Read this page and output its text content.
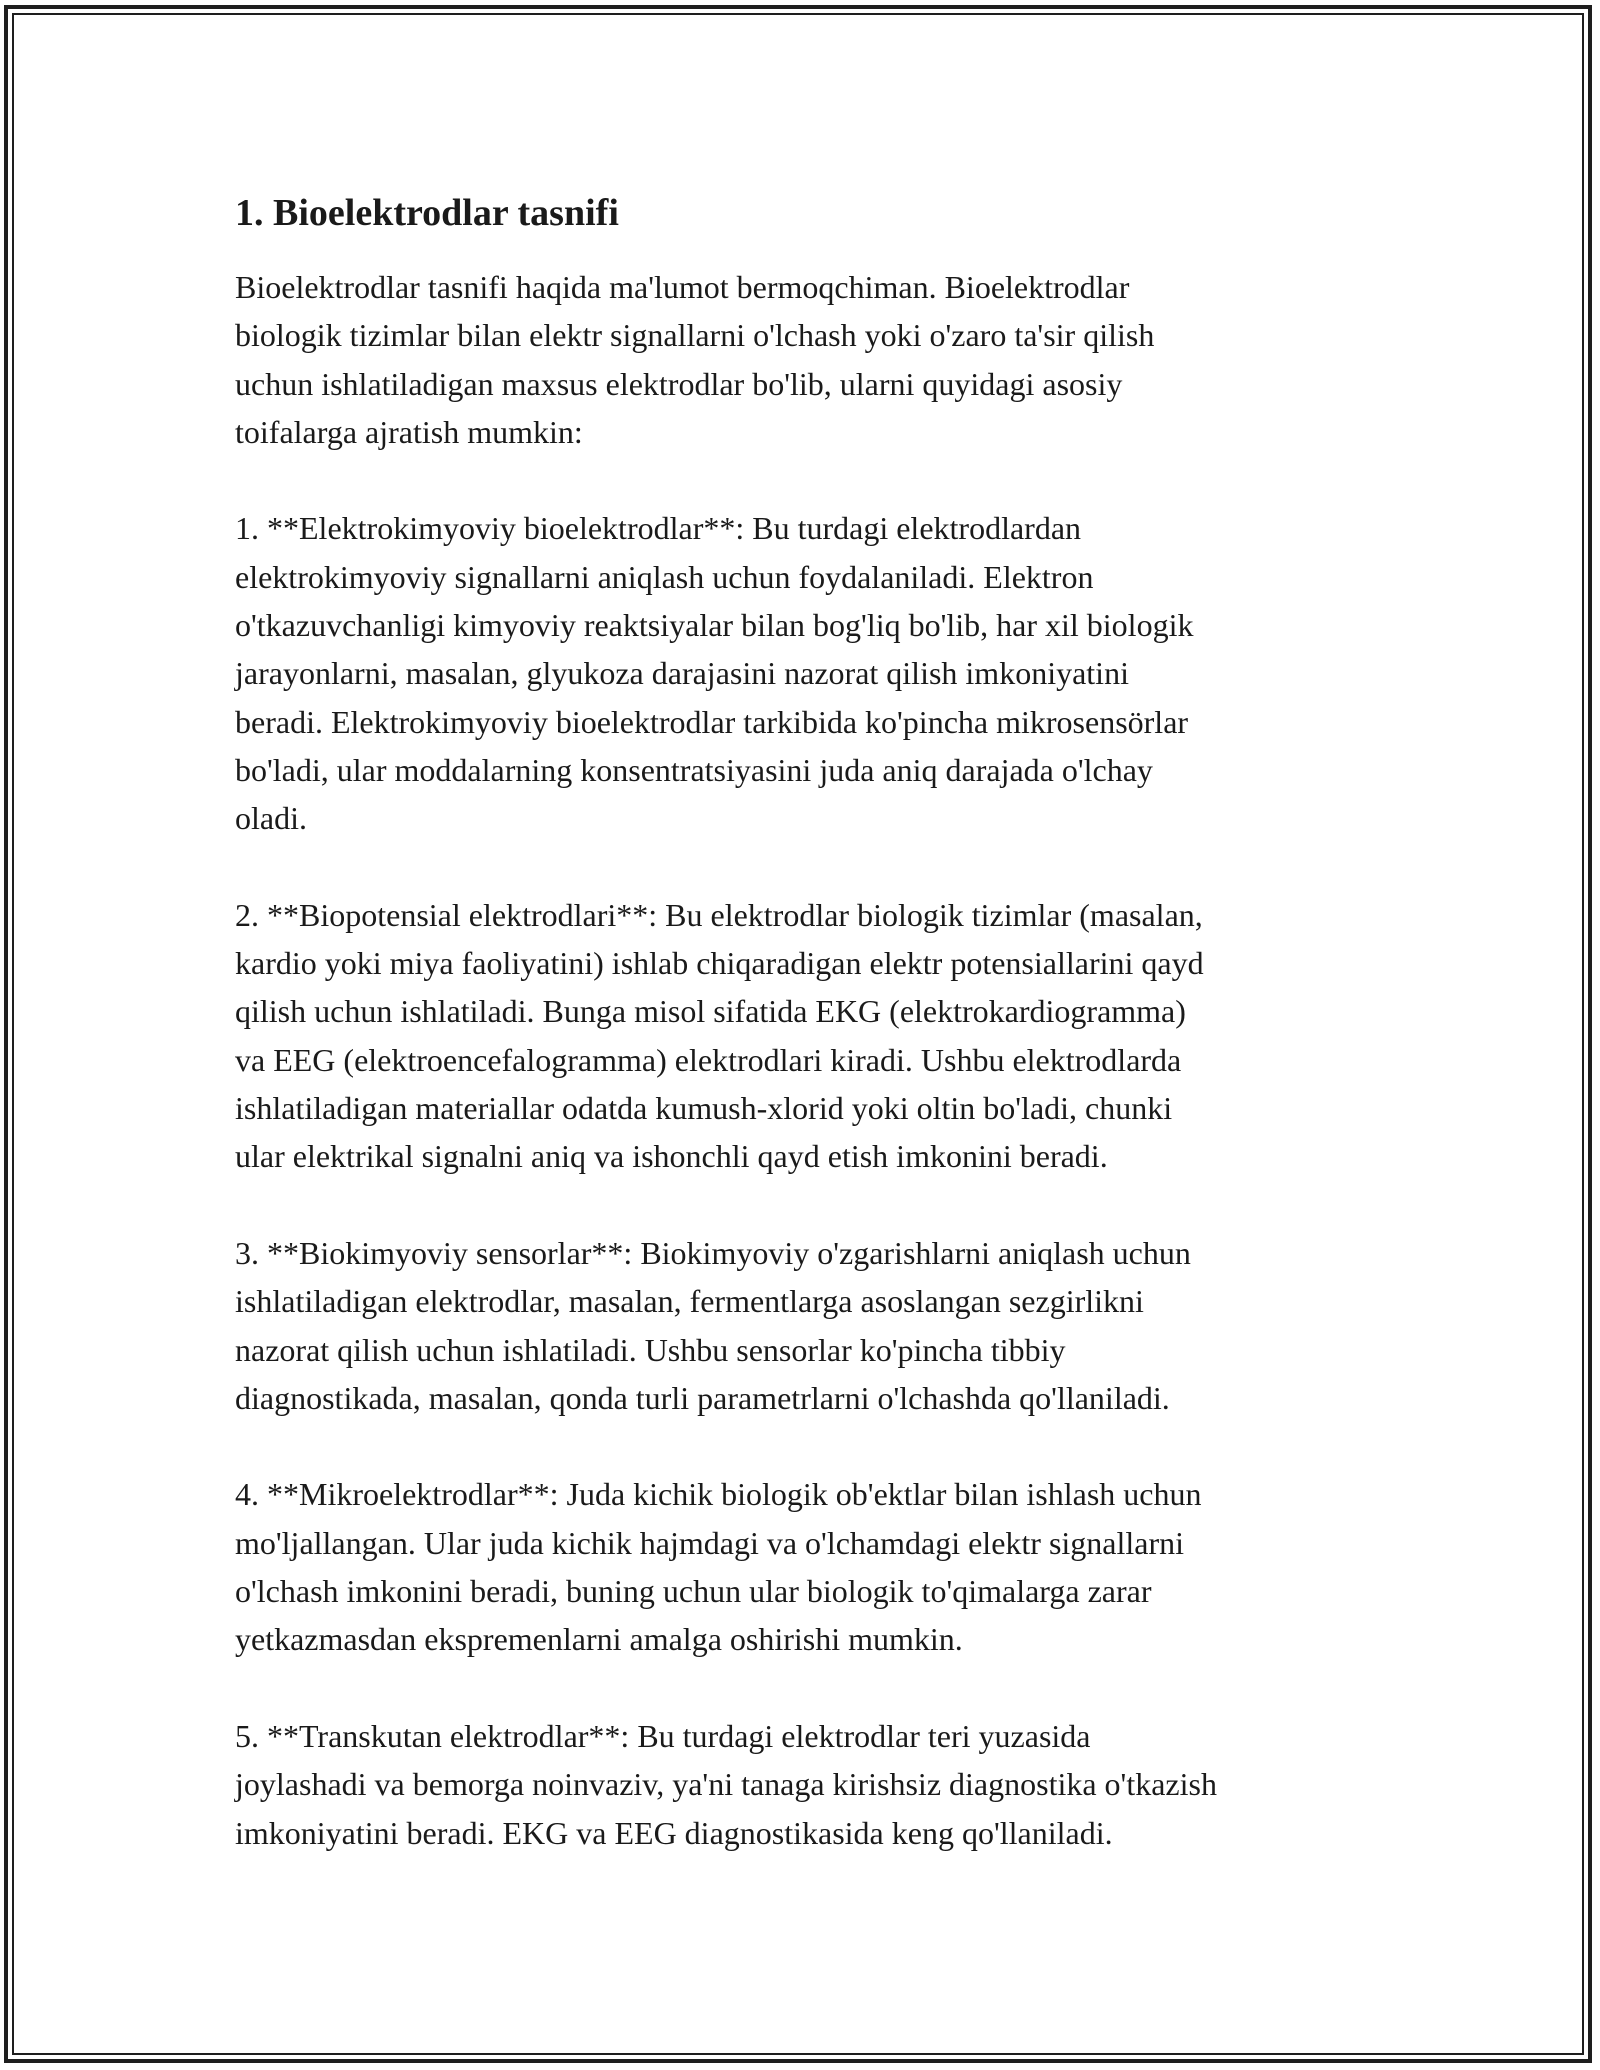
1. Bioelektrodlar tasnifi

Bioelektrodlar tasnifi haqida ma'lumot bermoqchiman. Bioelektrodlar
biologik tizimlar bilan elektr signallarni o'lchash yoki o'zaro ta'sir qilish
uchun ishlatiladigan maxsus elektrodlar bo'lib, ularni quyidagi asosiy
toifalarga ajratish mumkin:

1. **Elektrokimyoviy bioelektrodlar**: Bu turdagi elektrodlardan
elektrokimyoviy signallarni aniqlash uchun foydalaniladi. Elektron
o'tkazuvchanligi kimyoviy reaktsiyalar bilan bog'liq bo'lib, har xil biologik
jarayonlarni, masalan, glyukoza darajasini nazorat qilish imkoniyatini
beradi. Elektrokimyoviy bioelektrodlar tarkibida ko'pincha mikrosensörlar
bo'ladi, ular moddalarning konsentratsiyasini juda aniq darajada o'lchay
oladi.

2. **Biopotensial elektrodlari**: Bu elektrodlar biologik tizimlar (masalan,
kardio yoki miya faoliyatini) ishlab chiqaradigan elektr potensiallarini qayd
qilish uchun ishlatiladi. Bunga misol sifatida EKG (elektrokardiogramma)
va EEG (elektroencefalogramma) elektrodlari kiradi. Ushbu elektrodlarda
ishlatiladigan materiallar odatda kumush-xlorid yoki oltin bo'ladi, chunki
ular elektrikal signalni aniq va ishonchli qayd etish imkonini beradi.

3. **Biokimyoviy sensorlar**: Biokimyoviy o'zgarishlarni aniqlash uchun
ishlatiladigan elektrodlar, masalan, fermentlarga asoslangan sezgirlikni
nazorat qilish uchun ishlatiladi. Ushbu sensorlar ko'pincha tibbiy
diagnostikada, masalan, qonda turli parametrlarni o'lchashda qo'llaniladi.

4. **Mikroelektrodlar**: Juda kichik biologik ob'ektlar bilan ishlash uchun
mo'ljallangan. Ular juda kichik hajmdagi va o'lchamdagi elektr signallarni
o'lchash imkonini beradi, buning uchun ular biologik to'qimalarga zarar
yetkazmasdan ekspremenlarni amalga oshirishi mumkin.

5. **Transkutan elektrodlar**: Bu turdagi elektrodlar teri yuzasida
joylashadi va bemorga noinvaziv, ya'ni tanaga kirishsiz diagnostika o'tkazish
imkoniyatini beradi. EKG va EEG diagnostikasida keng qo'llaniladi.
